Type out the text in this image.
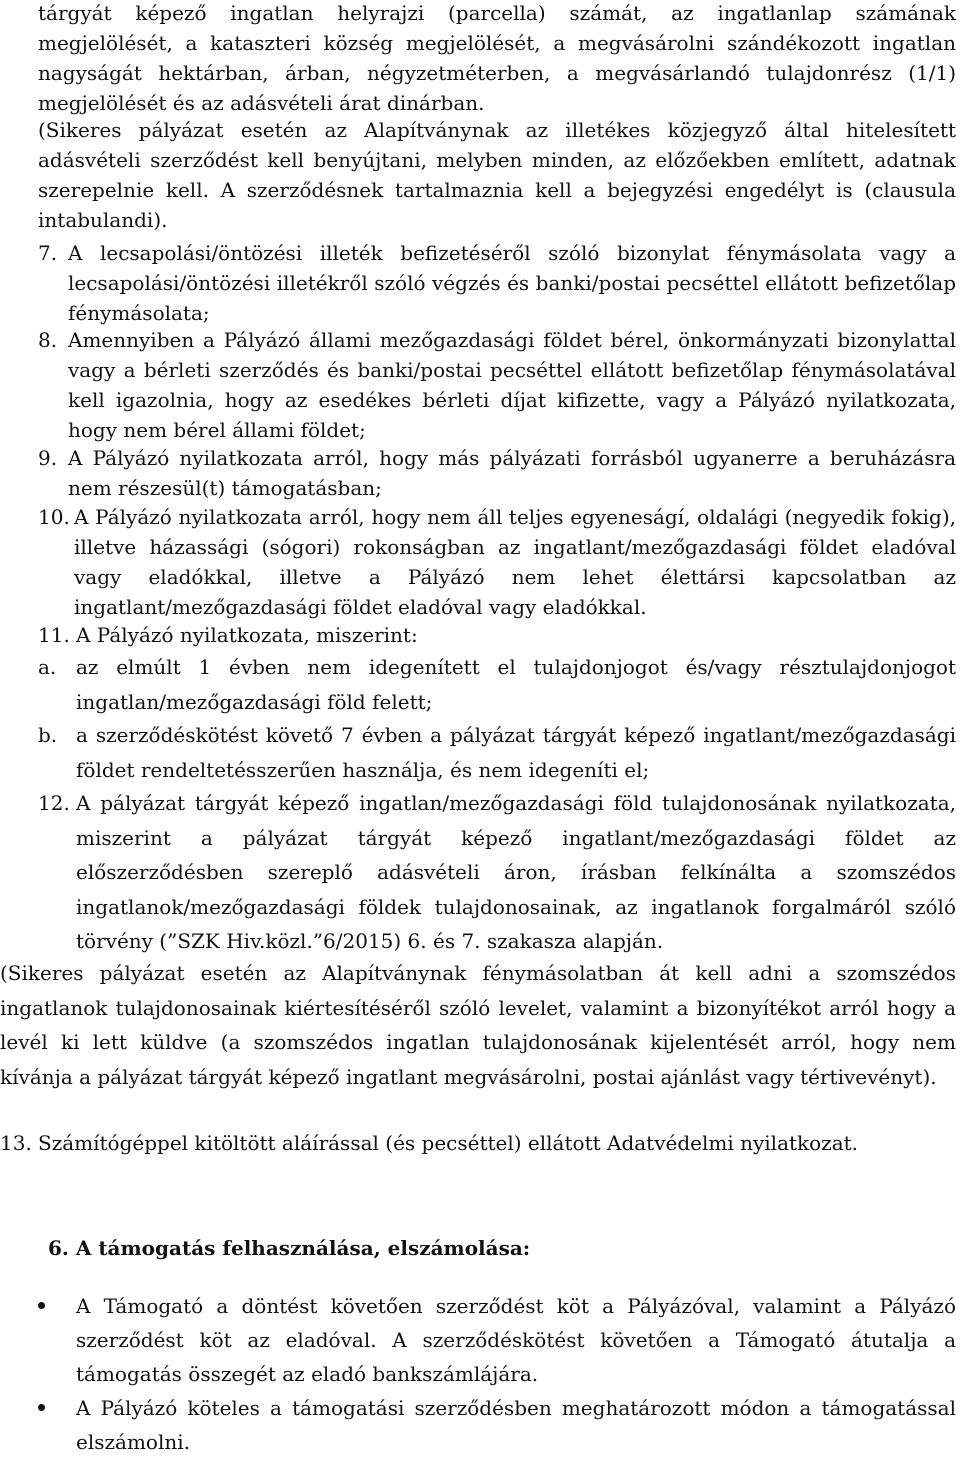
tárgyát képező ingatlan helyrajzi (parcella) számát, az ingatlanlap számának megjelölését, a kataszteri község megjelölését, a megvásárolni szándékozott ingatlan nagyságát hektárban, árban, négyzetméterben, a megvásárlandó tulajdonrész (1/1) megjelölését és az adásvételi árat dinárban.

(Sikeres pályázat esetén az Alapítványnak az illetékes közjegyző által hitelesített adásvételi szerződést kell benyújtani, melyben minden, az előzőekben említett, adatnak szerepelnie kell. A szerződésnek tartalmaznia kell a bejegyzési engedélyt is (clausula intabulandi).

7. A lecsapolási/öntözési illeték befizetéséről szóló bizonylat fénymásolata vagy a lecsapolási/öntözési illetékről szóló végzés és banki/postai pecséttel ellátott befizetőlap fénymásolata;
8. Amennyiben a Pályázó állami mezőgazdasági földet bérel, önkormányzati bizonylattal vagy a bérleti szerződés és banki/postai pecséttel ellátott befizetőlap fénymásolatával kell igazolnia, hogy az esedékes bérleti díjat kifizette, vagy a Pályázó nyilatkozata, hogy nem bérel állami földet;
9. A Pályázó nyilatkozata arról, hogy más pályázati forrásból ugyanerre a beruházásra nem részesül(t) támogatásban;
10. A Pályázó nyilatkozata arról, hogy nem áll teljes egyeneságí, oldalági (negyedik fokig), illetve házassági (sógori) rokonságban az ingatlant/mezőgazdasági földet eladóval vagy eladókkal, illetve a Pályázó nem lehet élettársi kapcsolatban az ingatlant/mezőgazdasági földet eladóval vagy eladókkal.
11. A Pályázó nyilatkozata, miszerint:
a. az elmúlt 1 évben nem idegenített el tulajdonjogot és/vagy résztulajdonjogot ingatlan/mezőgazdasági föld felett;
b. a szerződéskötést követő 7 évben a pályázat tárgyát képező ingatlant/mezőgazdasági földet rendeltetésszerűen használja, és nem idegeníti el;
12. A pályázat tárgyát képező ingatlan/mezőgazdasági föld tulajdonosának nyilatkozata, miszerint a pályázat tárgyát képező ingatlant/mezőgazdasági földet az előszerződésben szereplő adásvételi áron, írásban felkínálta a szomszédos ingatlanok/mezőgazdasági földek tulajdonosainak, az ingatlanok forgalmáról szóló törvény (”SZK Hiv.közl.”6/2015) 6. és 7. szakasza alapján.
(Sikeres pályázat esetén az Alapítványnak fénymásolatban át kell adni a szomszédos ingatlanok tulajdonosainak kiértesítéséről szóló levelet, valamint a bizonyítékot arról hogy a levél ki lett küldve (a szomszédos ingatlan tulajdonosának kijelentését arról, hogy nem kívánja a pályázat tárgyát képező ingatlant megvásárolni, postai ajánlást vagy tértivevényt).
13. Számítógéppel kitöltött aláírással (és pecséttel) ellátott Adatvédelmi nyilatkozat.
6. A támogatás felhasználása, elszámolása:
A Támogató a döntést követően szerződést köt a Pályázóval, valamint a Pályázó szerződést köt az eladóval. A szerződéskötést követően a Támogató átutalja a támogatás összegét az eladó bankszámlájára.
A Pályázó köteles a támogatási szerződésben meghatározott módon a támogatással elszámolni.
